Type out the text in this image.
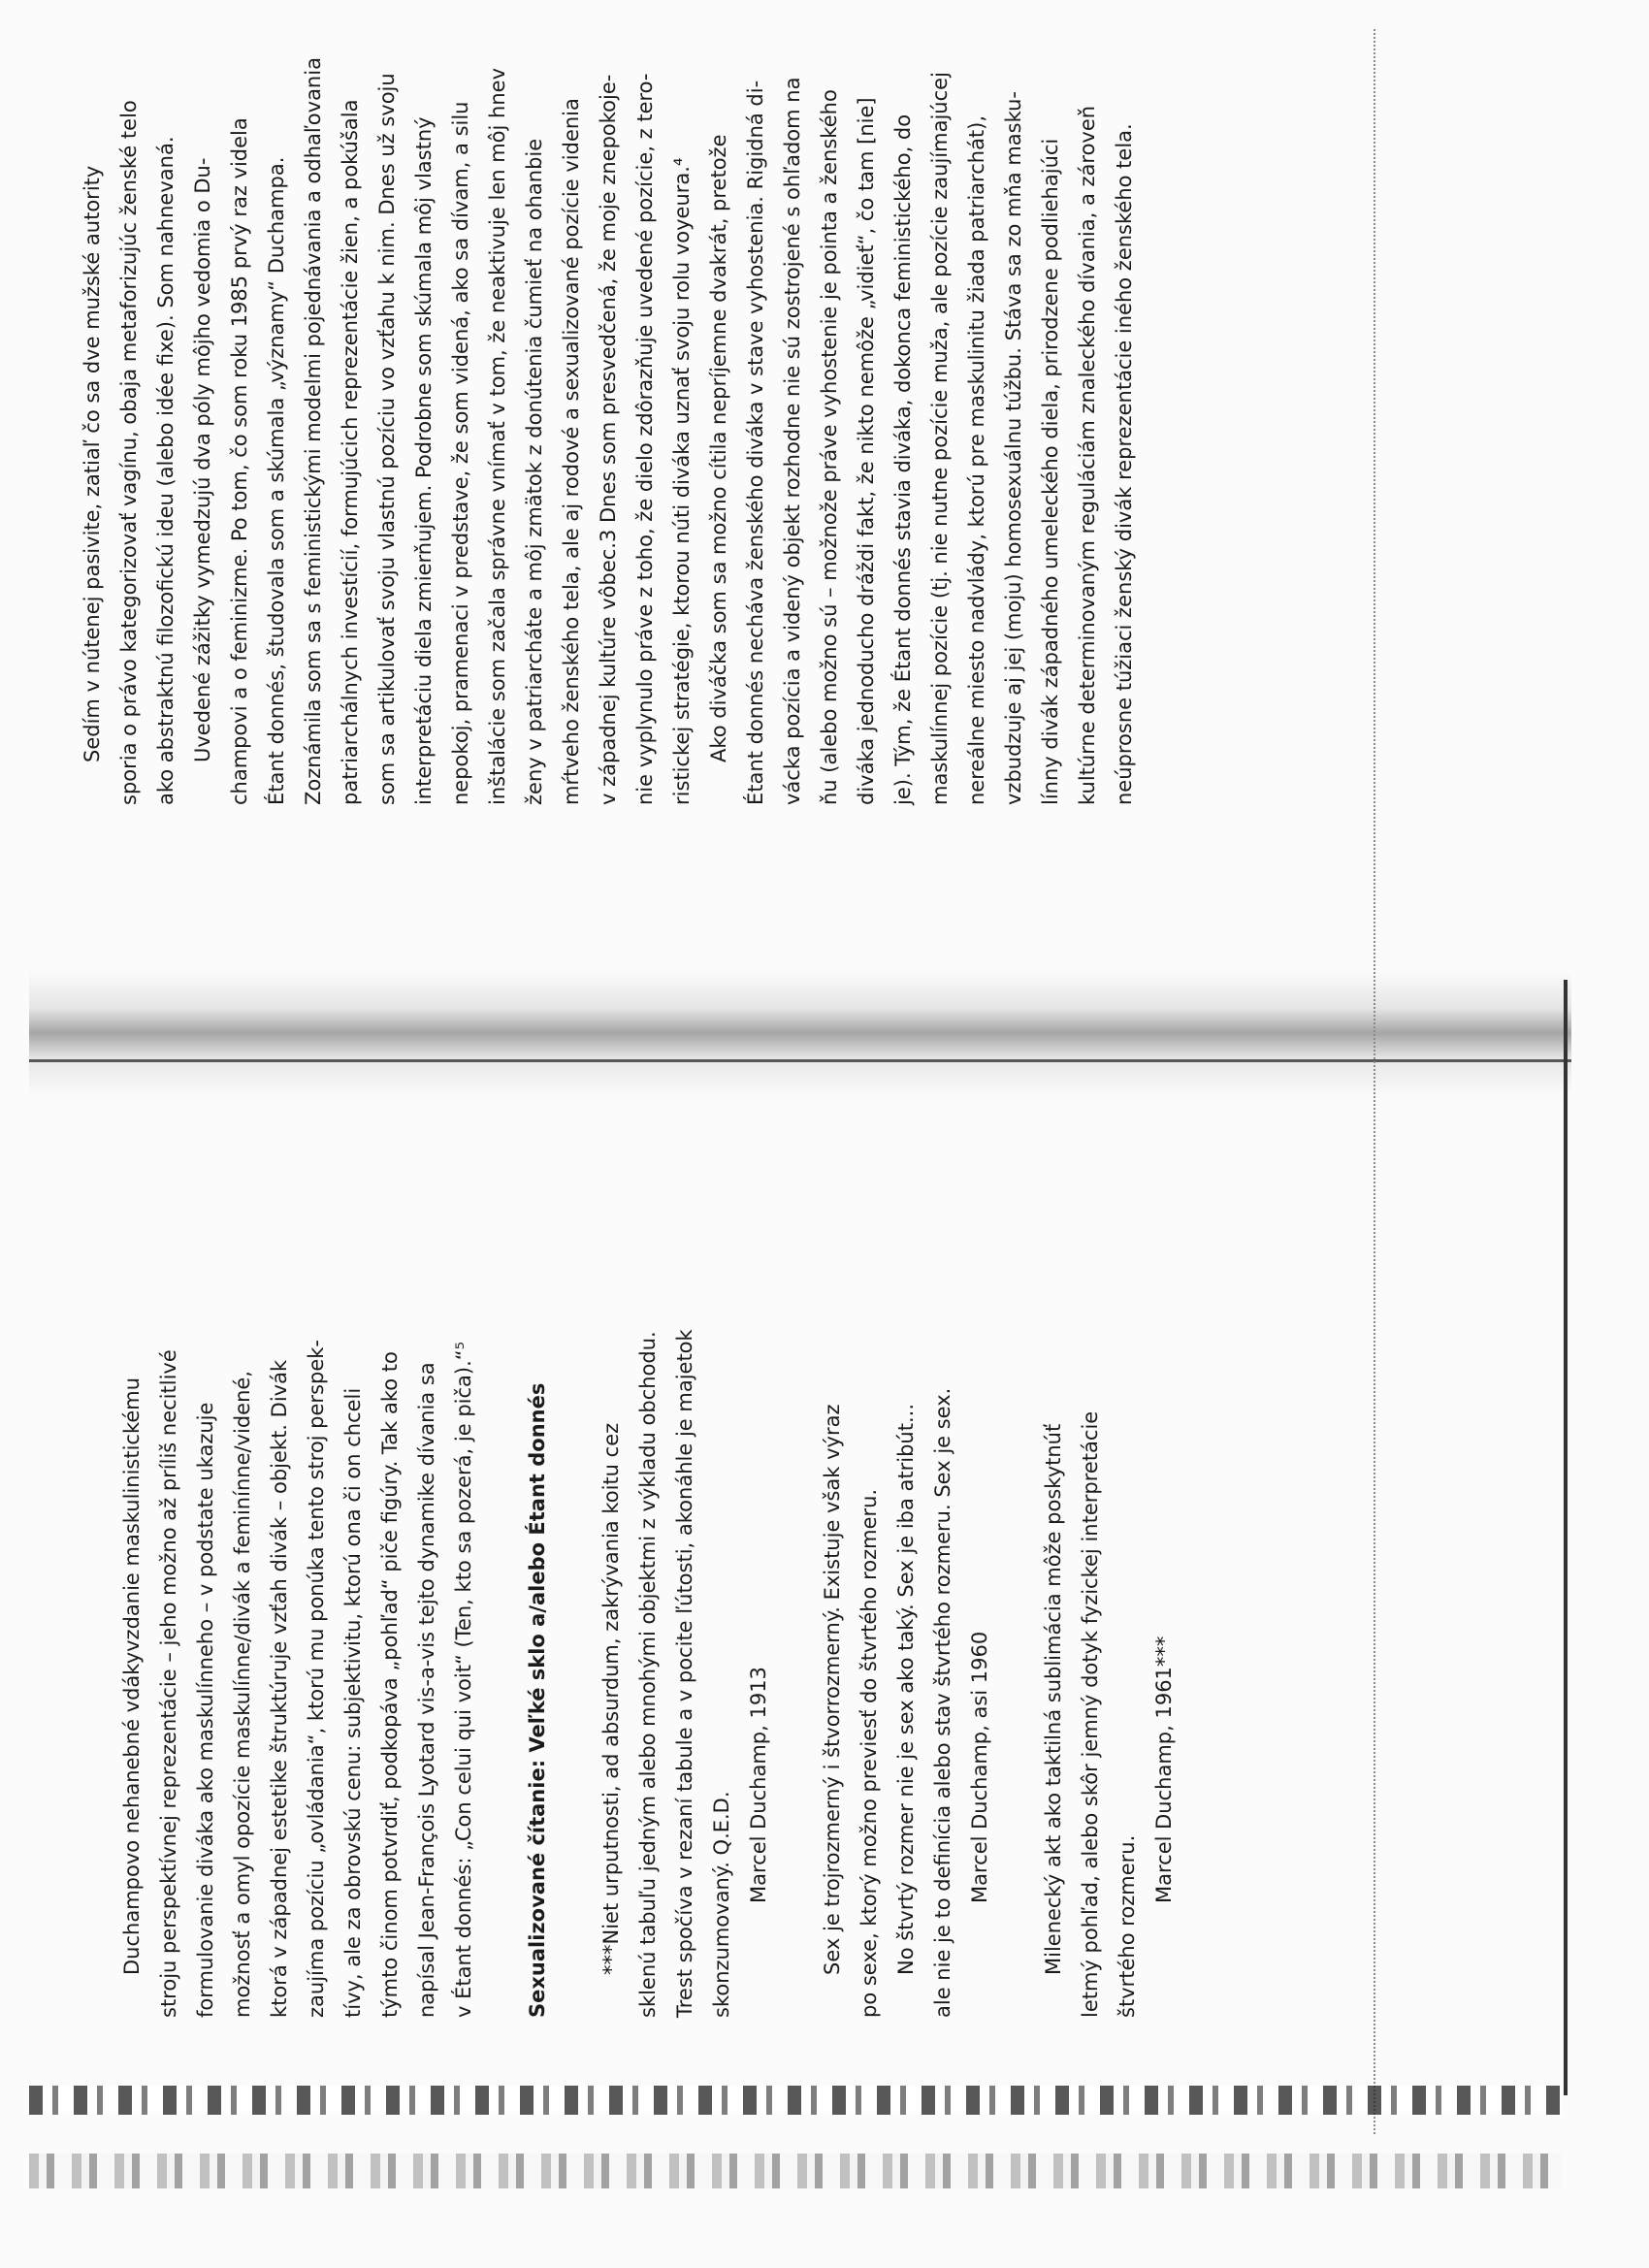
Sedím v nútenej pasivite, zatiaľ čo sa dve mužské autority sporia o právo kategorizovať vagínu, obaja metaforizujúc ženské telo ako abstraktnú filozofickú ideu (alebo idée fixe). Som nahnevaná. Uvedené zážitky vymedzujú dva póly môjho vedomia o Du- champovi a o feminizme. Po tom, čo som roku 1985 prvý raz videla Étant donnés, študovala som a skúmala „významy“ Duchampa. Zoznámila som sa s feministickými modelmi pojednávania a odhaľovania patriarchálnych investícií, formujúcich reprezentácie žien, a pokúšala som sa artikulovať svoju vlastnú pozíciu vo vzťahu k nim. Dnes už svoju interpretáciu diela zmierňujem. Podrobne som skúmala môj vlastný nepokoj, pramenaci v predstave, že som videná, ako sa dívam, a silu inštalácie som začala správne vnímať v tom, že neaktivuje len môj hnev ženy v patriarcháte a môj zmätok z donútenia čumieť na ohanbie mŕtveho ženského tela, ale aj rodové a sexualizované pozície videnia v západnej kultúre vôbec.3 Dnes som presvedčená, že moje znepokoje- nie vyplynulo práve z toho, že dielo zdôrazňuje uvedené pozície, z tero- ristickej stratégie, ktorou núti diváka uznať svoju rolu voyeura.⁴ Ako diváčka som sa možno cítila nepríjemne dvakrát, pretože Étant donnés nechávа ženského diváka v stave vyhostenia. Rigidná di- vácka pozícia a videný objekt rozhodne nie sú zostrojené s ohľadom na ňu (alebo možno sú – možnože práve vyhostenie je pointa a ženského diváka jednoducho dráždi fakt, že nikto nemôže „vidieť“, čo tam [nie] je). Tým, že Étant donnés stavia diváka, dokonca feministického, do maskulínnej pozície (tj. nie nutne pozície muža, ale pozície zaujímajúcej nereálne miesto nadvlády, ktorú pre maskulinitu žiada patriarchát), vzbudzuje aj jej (moju) homosexuálnu túžbu. Stáva sa zo mňa masku- línny divák západného umeleckého diela, prirodzene podliehajúci kultúrne determinovaným reguláciám znaleckého dívania, a zároveň neúprosne túžiaci ženský divák reprezentácie iného ženského tela.
Duchampovo nehanebné vdákyvzdanie maskulinistickému stroju perspektívnej reprezentácie – jeho možno až príliš necitlivé formulovanie diváka ako maskulínneho – v podstate ukazuje možnosť a omyl opozície maskulínne/divák a feminínne/videné, ktorá v západnej estetike štruktúruje vzťah divák – objekt. Divák zaujíma pozíciu „ovládania“, ktorú mu ponúka tento stroj perspek- tívy, ale za obrovskú cenu: subjektivitu, ktorú ona či on chceli týmto činom potvrdiť, podkopáva „pohľad“ piče figúry. Tak ako to napísal Jean-François Lyotard vis-a-vis tejto dynamike dívania sa v Étant donnés: „Con celui qui voit“ (Ten, kto sa pozerá, je piča).“⁵	Sexualizované čítanie: Veľké sklo a/alebo Étant donnés	***Niet urputnosti, ad absurdum, zakrývania koitu cez sklenú tabuľu jedným alebo mnohými objektmi z výkladu obchodu. Trest spočíva v rezaní tabule a v pocite ľútosti, akonáhle je majetok skonzumovaný. Q.E.D.
Marcel Duchamp, 1913	Sex je trojrozmerný i štvorrozmerný. Existuje však výraz po sexe, ktorý možno previesť do štvrtého rozmeru. No štvrtý rozmer nie je sex ako taký. Sex je iba atribút... ale nie je to definícia alebo stav štvrtého rozmeru. Sex je sex. Marcel Duchamp, asi 1960	Milenecký akt ako taktilná sublimácia môže poskytnúť letmý pohľad, alebo skôr jemný dotyk fyzickej interpretácie štvrtého rozmeru.
Marcel Duchamp, 1961***
